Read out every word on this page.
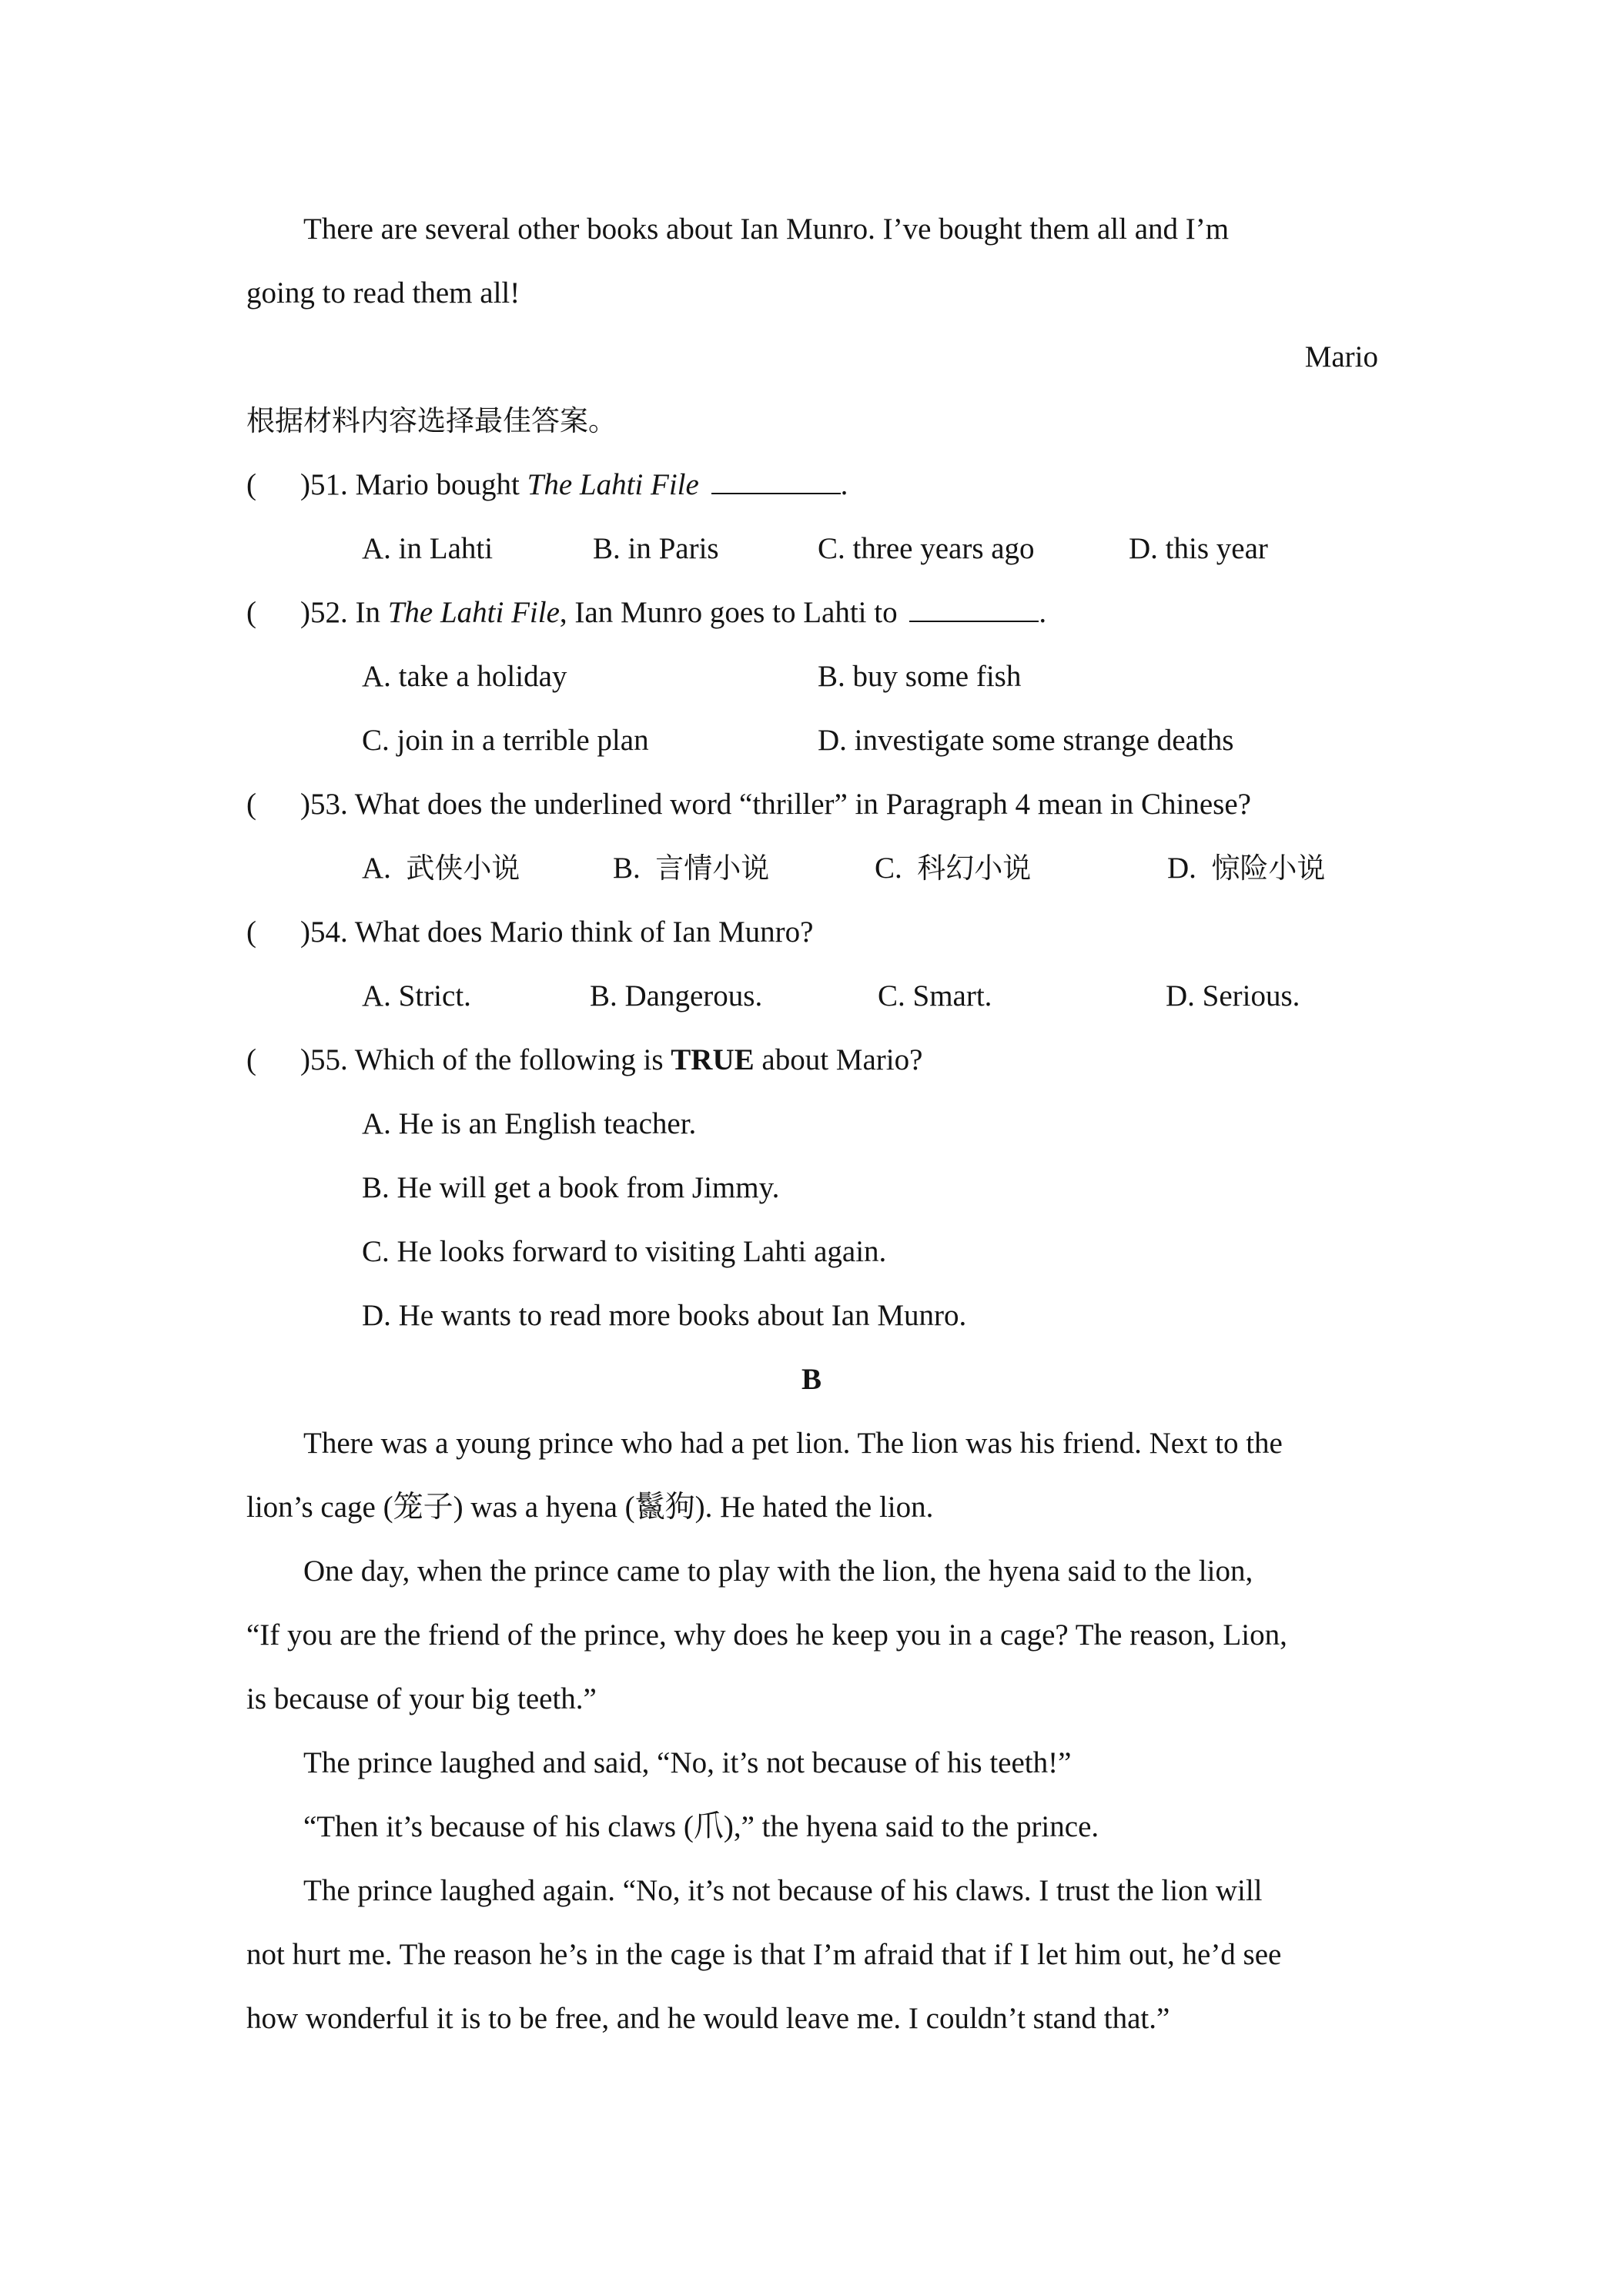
There are several other books about Ian Munro. I’ve bought them all and I’m
going to read them all!
Mario
根据材料内容选择最佳答案。
( )51. Mario bought The Lahti File	.
A. in Lahti	B. in Paris	C. three years ago	D. this year
( )52. In The Lahti File, Ian Munro goes to Lahti to	.
A. take a holiday	B. buy some fish
C. join in a terrible plan	D. investigate some strange deaths
( )53. What does the underlined word “thriller” in Paragraph 4 mean in Chinese?
A. 武侠小说	B. 言情小说	C. 科幻小说	D. 惊险小说
( )54. What does Mario think of Ian Munro?
A. Strict.	B. Dangerous.	C. Smart.	D. Serious.
( )55. Which of the following is TRUE about Mario?
A. He is an English teacher.
B. He will get a book from Jimmy.
C. He looks forward to visiting Lahti again.
D. He wants to read more books about Ian Munro.
B
There was a young prince who had a pet lion. The lion was his friend. Next to the
lion’s cage (笼子) was a hyena (鬣狗). He hated the lion.
One day, when the prince came to play with the lion, the hyena said to the lion,
“If you are the friend of the prince, why does he keep you in a cage? The reason, Lion,
is because of your big teeth.”
The prince laughed and said, “No, it’s not because of his teeth!”
“Then it’s because of his claws (爪),” the hyena said to the prince.
The prince laughed again. “No, it’s not because of his claws. I trust the lion will
not hurt me. The reason he’s in the cage is that I’m afraid that if I let him out, he’d see
how wonderful it is to be free, and he would leave me. I couldn’t stand that.”
